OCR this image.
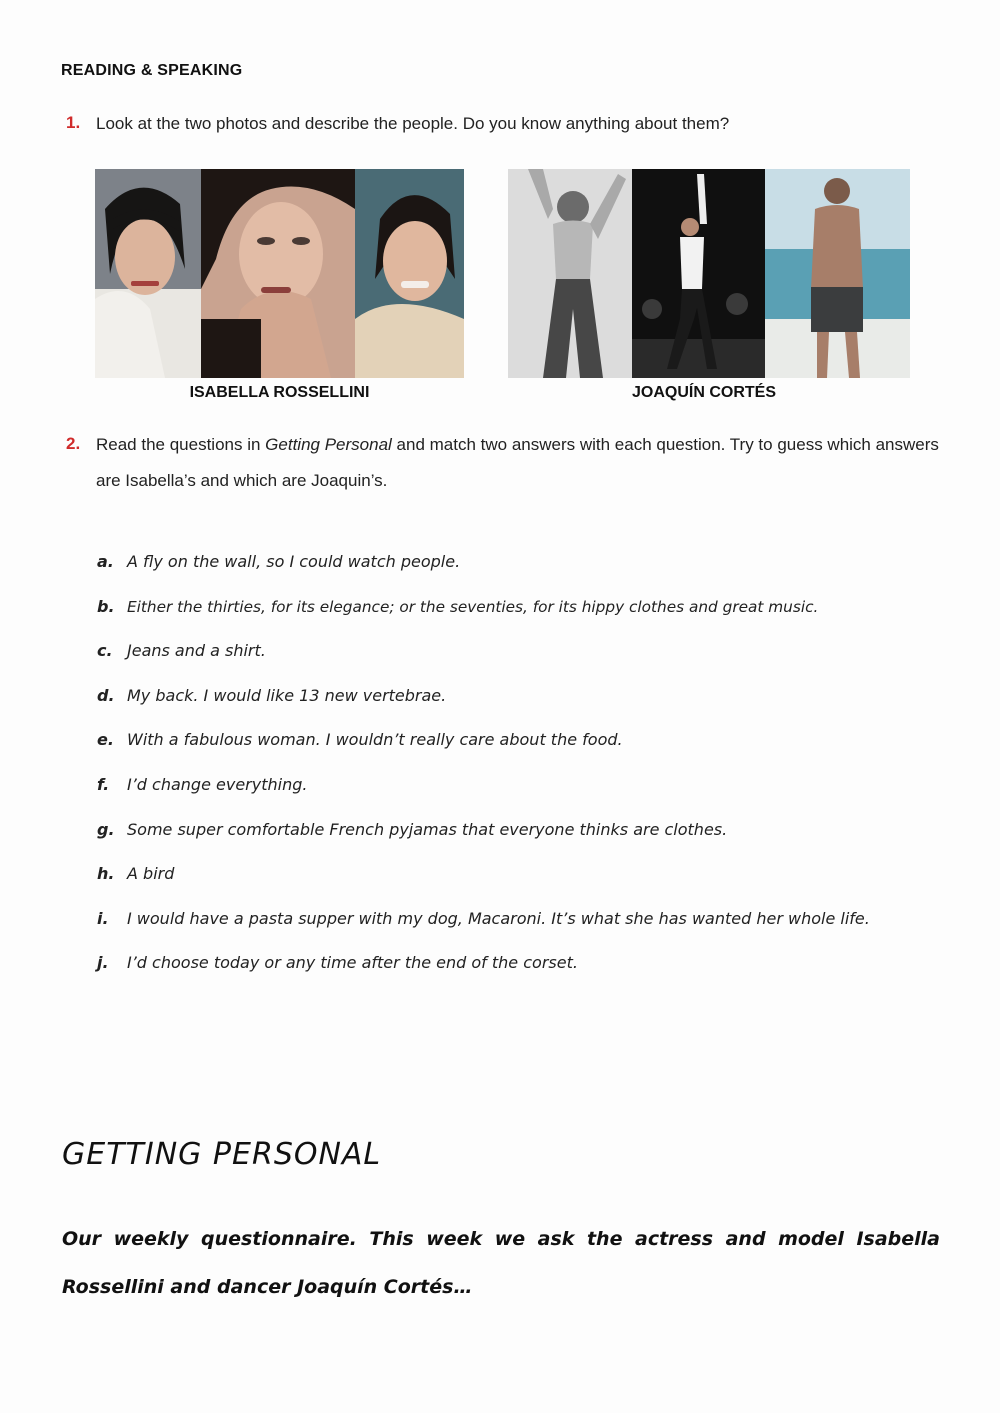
READING & SPEAKING
1. Look at the two photos and describe the people. Do you know anything about them?
ISABELLA ROSSELLINI	JOAQUÍN CORTÉS
2. Read the questions in Getting Personal and match two answers with each question. Try to guess which answers are Isabella’s and which are Joaquin’s.
a. A fly on the wall, so I could watch people.
b. Either the thirties, for its elegance; or the seventies, for its hippy clothes and great music.
c. Jeans and a shirt.
d. My back. I would like 13 new vertebrae.
e. With a fabulous woman. I wouldn’t really care about the food.
f.	I’d change everything.
g. Some super comfortable French pyjamas that everyone thinks are clothes.
h. A bird
i.	I would have a pasta supper with my dog, Macaroni. It’s what she has wanted her whole life.
j.	I’d choose today or any time after the end of the corset.
GETTING PERSONAL
Our weekly questionnaire. This week we ask the actress and model Isabella Rossellini and dancer Joaquín Cortés…
